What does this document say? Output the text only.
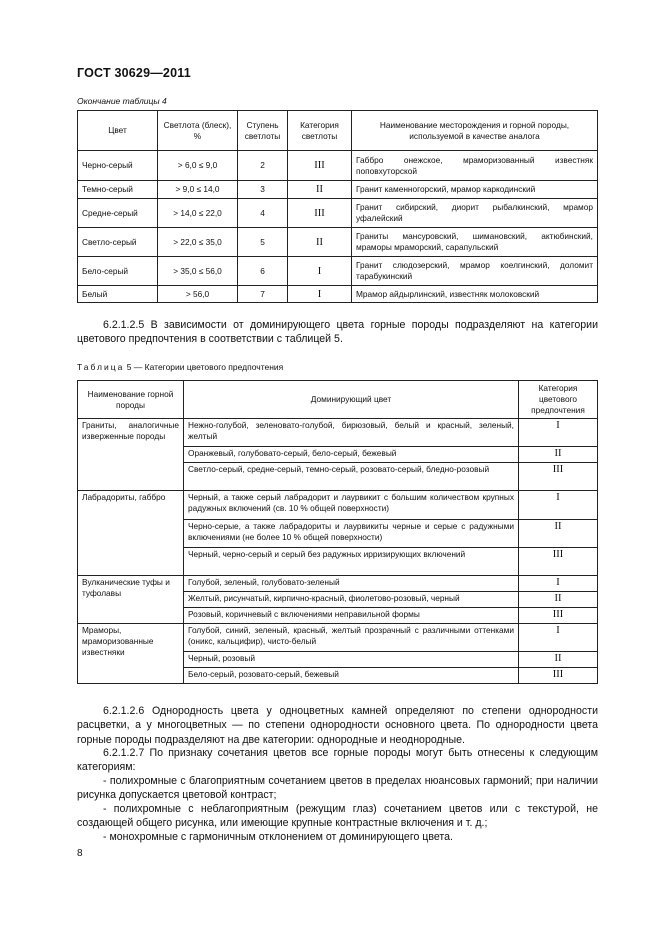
ГОСТ 30629—2011
Окончание таблицы 4
Цвет	Светлота (блеск), %	Ступень светлоты	Категория светлоты	Наименование месторождения и горной породы, используемой в качестве аналога
Черно-серый	> 6,0 ≤ 9,0	2	III	Габбро онежское, мраморизованный известняк поповхуторской
Темно-серый	> 9,0 ≤ 14,0	3	II	Гранит каменногорский, мрамор каркодинский
Средне-серый	> 14,0 ≤ 22,0	4	III	Гранит сибирский, диорит рыбалкинский, мрамор уфалейский
Светло-серый	> 22,0 ≤ 35,0	5	II	Граниты мансуровский, шимановский, актюбинский, мраморы мраморский, сарапульский
Бело-серый	> 35,0 ≤ 56,0	6	I	Гранит слюдозерский, мрамор коелгинский, доломит тарабукинский
Белый	> 56,0	7	I	Мрамор айдырлинский, известняк молоковский
6.2.1.2.5 В зависимости от доминирующего цвета горные породы подразделяют на категории цветового предпочтения в соответствии с таблицей 5.
Таблица 5 — Категории цветового предпочтения
Наименование горной породы	Доминирующий цвет	Категория цветового предпочтения
Граниты, аналогичные изверженные породы	Нежно-голубой, зеленовато-голубой, бирюзовый, белый и красный, зеленый, желтый	I
	Оранжевый, голубовато-серый, бело-серый, бежевый	II
	Светло-серый, средне-серый, темно-серый, розовато-серый, бледно-розовый	III
Лабрадориты, габбро	Черный, а также серый лабрадорит и лаурвикит с большим количеством крупных радужных включений (св. 10 % общей поверхности)	I
	Черно-серые, а также лабрадориты и лаурвикиты черные и серые с радужными включениями (не более 10 % общей поверхности)	II
	Черный, черно-серый и серый без радужных ирризирующих включений	III
Вулканические туфы и туфолавы	Голубой, зеленый, голубовато-зеленый	I
	Желтый, рисунчатый, кирпично-красный, фиолетово-розовый, черный	II
	Розовый, коричневый с включениями неправильной формы	III
Мраморы, мраморизованные известняки	Голубой, синий, зеленый, красный, желтый прозрачный с различными оттенками (оникс, кальцифир), чисто-белый	I
	Черный, розовый	II
	Бело-серый, розовато-серый, бежевый	III
6.2.1.2.6 Однородность цвета у одноцветных камней определяют по степени однородности расцветки, а у многоцветных — по степени однородности основного цвета. По однородности цвета горные породы подразделяют на две категории: однородные и неоднородные.
6.2.1.2.7 По признаку сочетания цветов все горные породы могут быть отнесены к следующим категориям:
- полихромные с благоприятным сочетанием цветов в пределах нюансовых гармоний; при наличии рисунка допускается цветовой контраст;
- полихромные с неблагоприятным (режущим глаз) сочетанием цветов или с текстурой, не создающей общего рисунка, или имеющие крупные контрастные включения и т. д.;
- монохромные с гармоничным отклонением от доминирующего цвета.
8
